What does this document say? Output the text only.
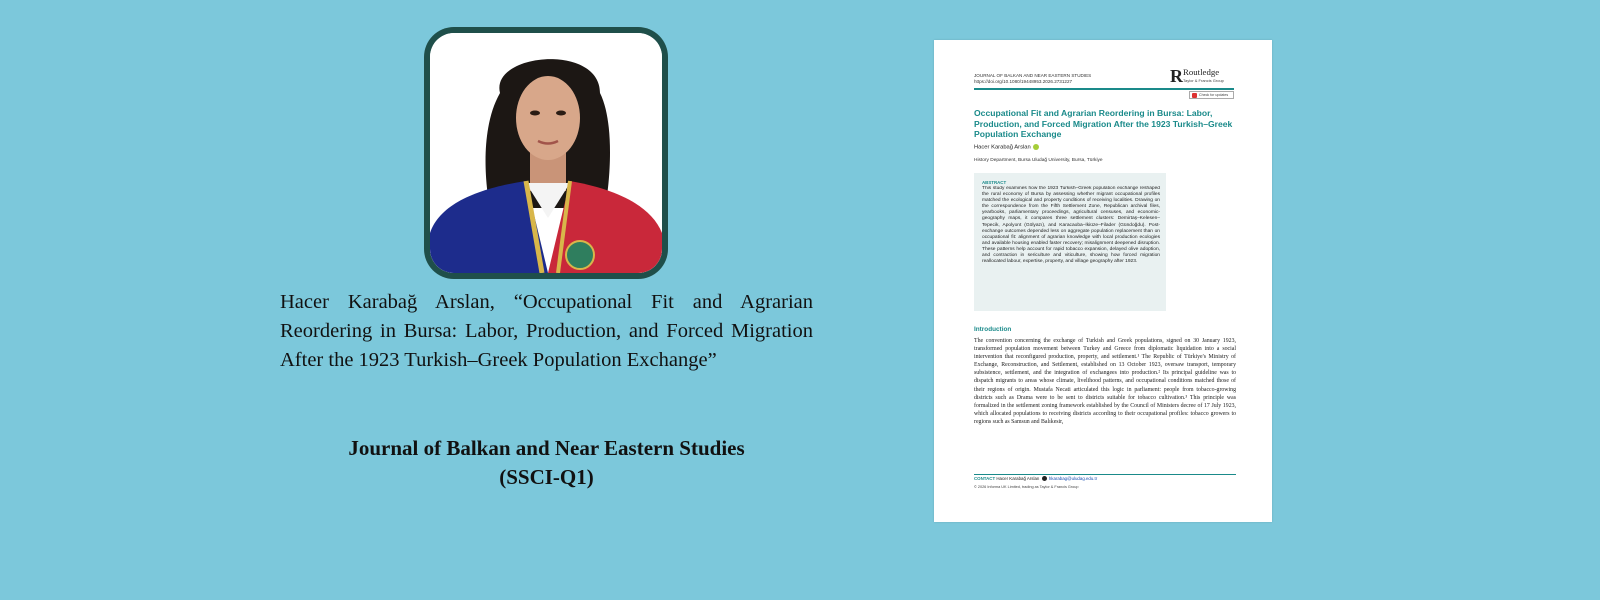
Hacer Karabağ Arslan, “Occupational Fit and Agrarian Reordering in Bursa: Labor, Production, and Forced Migration After the 1923 Turkish–Greek Population Exchange”
Journal of Balkan and Near Eastern Studies
(SSCI-Q1)
JOURNAL OF BALKAN AND NEAR EASTERN STUDIES
https://doi.org/10.1080/19448953.2026.2731227	R Routledge
Taylor & Francis Group
Check for updates
Occupational Fit and Agrarian Reordering in Bursa: Labor, Production, and Forced Migration After the 1923 Turkish–Greek Population Exchange
Hacer Karabağ Arslan
History Department, Bursa Uludağ University, Bursa, Türkiye
ABSTRACT
This study examines how the 1923 Turkish–Greek population exchange reshaped the rural economy of Bursa by assessing whether migrant occupational profiles matched the ecological and property conditions of receiving localities. Drawing on the correspondence from the Fifth Settlement Zone, Republican archival files, yearbooks, parliamentary proceedings, agricultural censuses, and economic-geography maps, it compares three settlement clusters: Demirtaş–Kelesen–Tepecik, Apolyont (Gölyazı), and Karacaoba–İkiüze–Filader (Gündoğdu). Post-exchange outcomes depended less on aggregate population replacement than on occupational fit: alignment of agrarian knowledge with local production ecologies and available housing enabled faster recovery; misalignment deepened disruption. These patterns help account for rapid tobacco expansion, delayed olive adoption, and contraction in sericulture and viticulture, showing how forced migration reallocated labour, expertise, property, and village geography after 1923.
Introduction
The convention concerning the exchange of Turkish and Greek populations, signed on 30 January 1923, transformed population movement between Turkey and Greece from diplomatic liquidation into a social intervention that reconfigured production, property, and settlement.¹ The Republic of Türkiye's Ministry of Exchange, Reconstruction, and Settlement, established on 13 October 1923, oversaw transport, temporary subsistence, settlement, and the integration of exchangees into production.² Its principal guideline was to dispatch migrants to areas whose climate, livelihood patterns, and occupational conditions matched those of their regions of origin. Mustafa Necati articulated this logic in parliament: people from tobacco-growing districts such as Drama were to be sent to districts suitable for tobacco cultivation.³ This principle was formalized in the settlement zoning framework established by the Council of Ministers decree of 17 July 1923, which allocated populations to receiving districts according to their occupational profiles: tobacco growers to regions such as Samsun and Balıkesir,
CONTACT Hacer Karabağ Arslan hkarabag@uludag.edu.tr
© 2026 Informa UK Limited, trading as Taylor & Francis Group
